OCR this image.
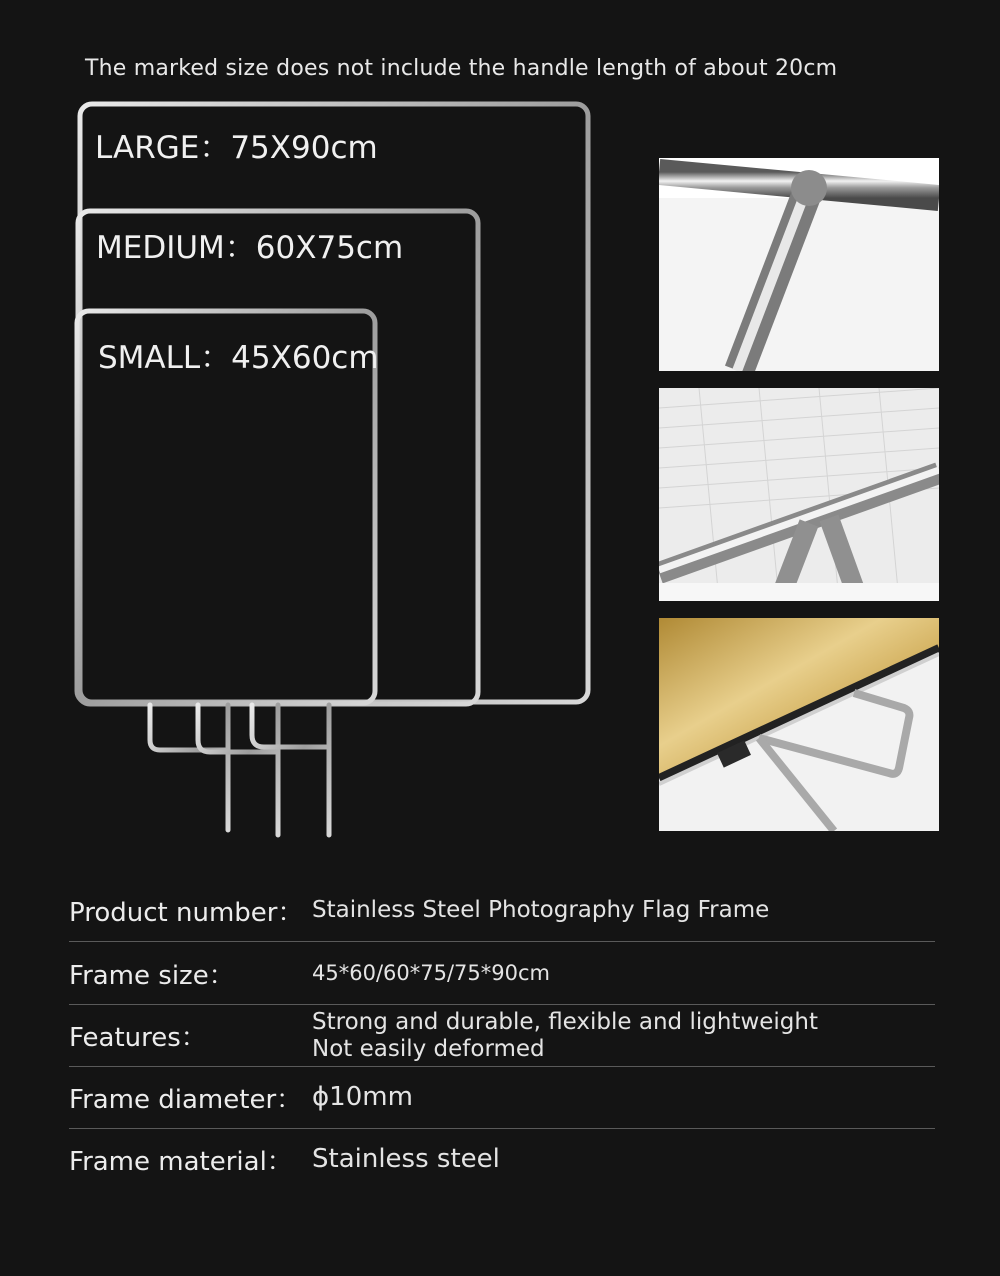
The marked size does not include the handle length of about 20cm
LARGE：75X90cm
MEDIUM：60X75cm
SMALL：45X60cm
Product number： Stainless Steel Photography Flag Frame
Frame size：	45*60/60*75/75*90cm
Features：
Strong and durable, flexible and lightweight
Not easily deformed
Frame diameter： ϕ10mm
Frame material： Stainless steel
